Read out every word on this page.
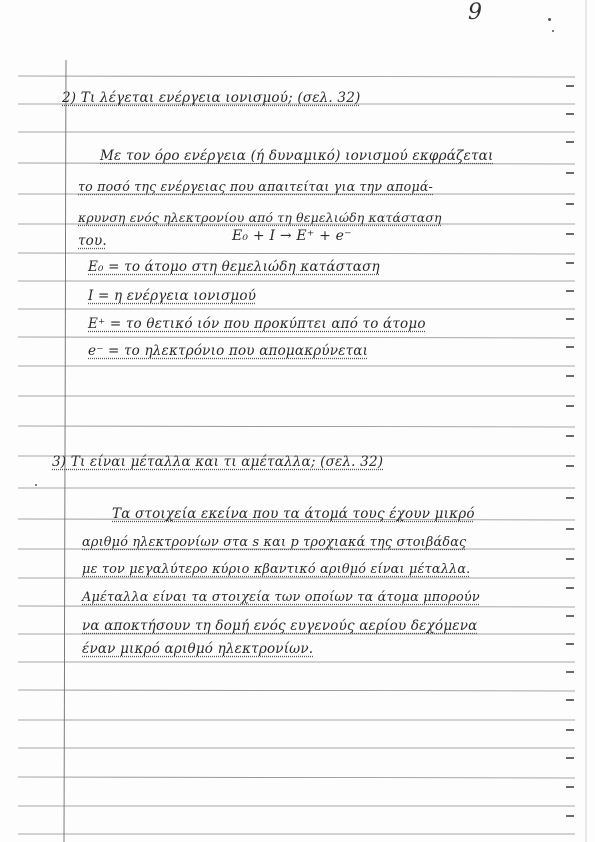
9
2) Τι λέγεται ενέργεια ιονισμού; (σελ. 32)
Με τον όρο ενέργεια (ή δυναμικό) ιονισμού εκφράζεται
το ποσό της ενέργειας που απαιτείται για την απομά-
κρυνση ενός ηλεκτρονίου από τη θεμελιώδη κατάσταση
του.	E₀ + I → E⁺ + e⁻
E₀ = το άτομο στη θεμελιώδη κατάσταση
I = η ενέργεια ιονισμού
E⁺ = το θετικό ιόν που προκύπτει από το άτομο
e⁻ = το ηλεκτρόνιο που απομακρύνεται
3) Τι είναι μέταλλα και τι αμέταλλα; (σελ. 32)
Τα στοιχεία εκείνα που τα άτομά τους έχουν μικρό
αριθμό ηλεκτρονίων στα s και p τροχιακά της στοιβάδας
με τον μεγαλύτερο κύριο κβαντικό αριθμό είναι μέταλλα.
Αμέταλλα είναι τα στοιχεία των οποίων τα άτομα μπορούν
να αποκτήσουν τη δομή ενός ευγενούς αερίου δεχόμενα
έναν μικρό αριθμό ηλεκτρονίων.
